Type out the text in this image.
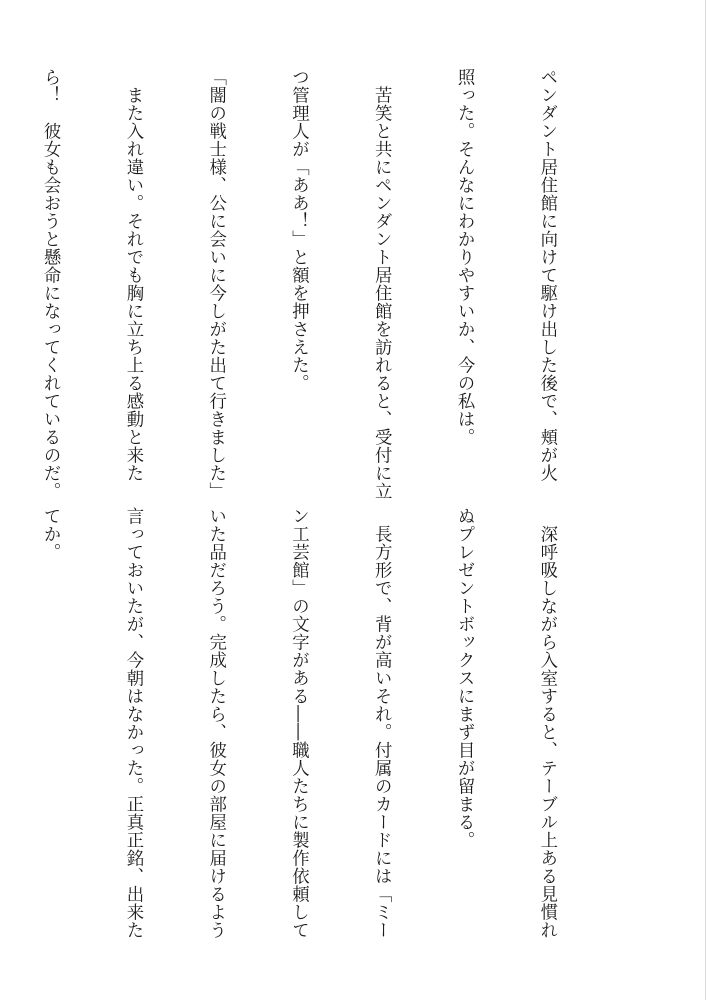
ペンダント居住館に向けて駆け出した後で、頬が火

照った。そんなにわかりやすいか、今の私は。

　苦笑と共にペンダント居住館を訪れると、受付に立

つ管理人が「ああ！」と額を押さえた。

「闇の戦士様、公に会いに今しがた出て行きました」

　また入れ違い。それでも胸に立ち上る感動と来た

ら！　彼女も会おうと懸命になってくれているのだ。

　深呼吸しながら入室すると、テーブル上ある見慣れ

ぬプレゼントボックスにまず目が留まる。

　長方形で、背が高いそれ。付属のカードには「ミー

ン工芸館」の文字がある――職人たちに製作依頼して

いた品だろう。完成したら、彼女の部屋に届けるよう

言っておいたが、今朝はなかった。正真正銘、出来た

てか。
